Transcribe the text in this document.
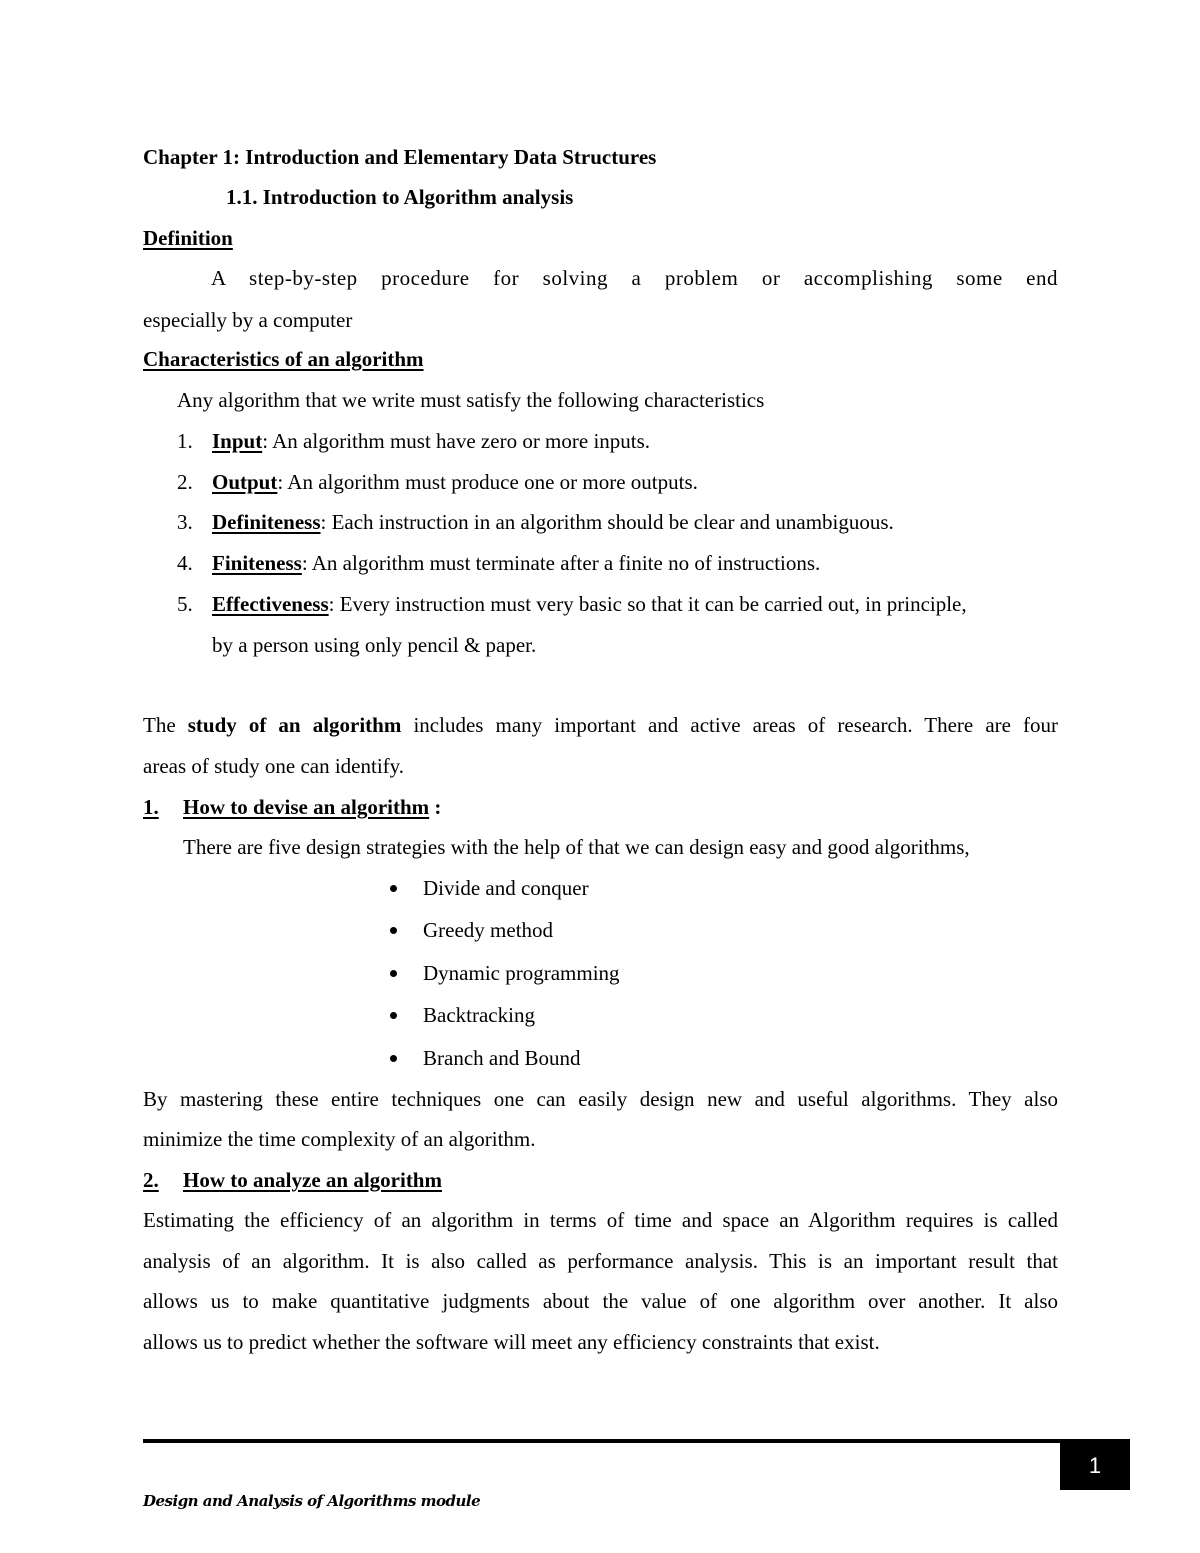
Chapter 1: Introduction and Elementary Data Structures
1.1. Introduction to Algorithm analysis
Definition
A step-by-step procedure for solving a problem or accomplishing some end
especially by a computer
Characteristics of an algorithm
Any algorithm that we write must satisfy the following characteristics
1. Input: An algorithm must have zero or more inputs.
2. Output: An algorithm must produce one or more outputs.
3. Definiteness: Each instruction in an algorithm should be clear and unambiguous.
4. Finiteness: An algorithm must terminate after a finite no of instructions.
5. Effectiveness: Every instruction must very basic so that it can be carried out, in principle,
by a person using only pencil & paper.
The study of an algorithm includes many important and active areas of research. There are four
areas of study one can identify.
1. How to devise an algorithm :
There are five design strategies with the help of that we can design easy and good algorithms,
Divide and conquer
Greedy method
Dynamic programming
Backtracking
Branch and Bound
By mastering these entire techniques one can easily design new and useful algorithms. They also
minimize the time complexity of an algorithm.
2. How to analyze an algorithm
Estimating the efficiency of an algorithm in terms of time and space an Algorithm requires is called
analysis of an algorithm. It is also called as performance analysis. This is an important result that
allows us to make quantitative judgments about the value of one algorithm over another. It also
allows us to predict whether the software will meet any efficiency constraints that exist.
1
Design and Analysis of Algorithms module
